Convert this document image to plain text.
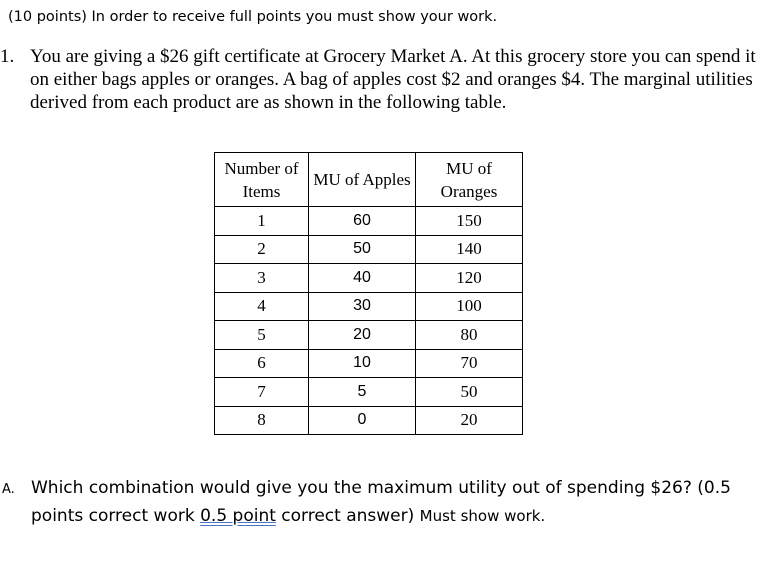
(10 points) In order to receive full points you must show your work.
1. You are giving a $26 gift certificate at Grocery Market A. At this grocery store you can spend it on either bags apples or oranges. A bag of apples cost $2 and oranges $4. The marginal utilities derived from each product are as shown in the following table.
Number of Items	MU of Apples	MU of Oranges
1	60	150
2	50	140
3	40	120
4	30	100
5	20	80
6	10	70
7	5	50
8	0	20
A. Which combination would give you the maximum utility out of spending $26? (0.5 points correct work 0.5 point correct answer) Must show work.
